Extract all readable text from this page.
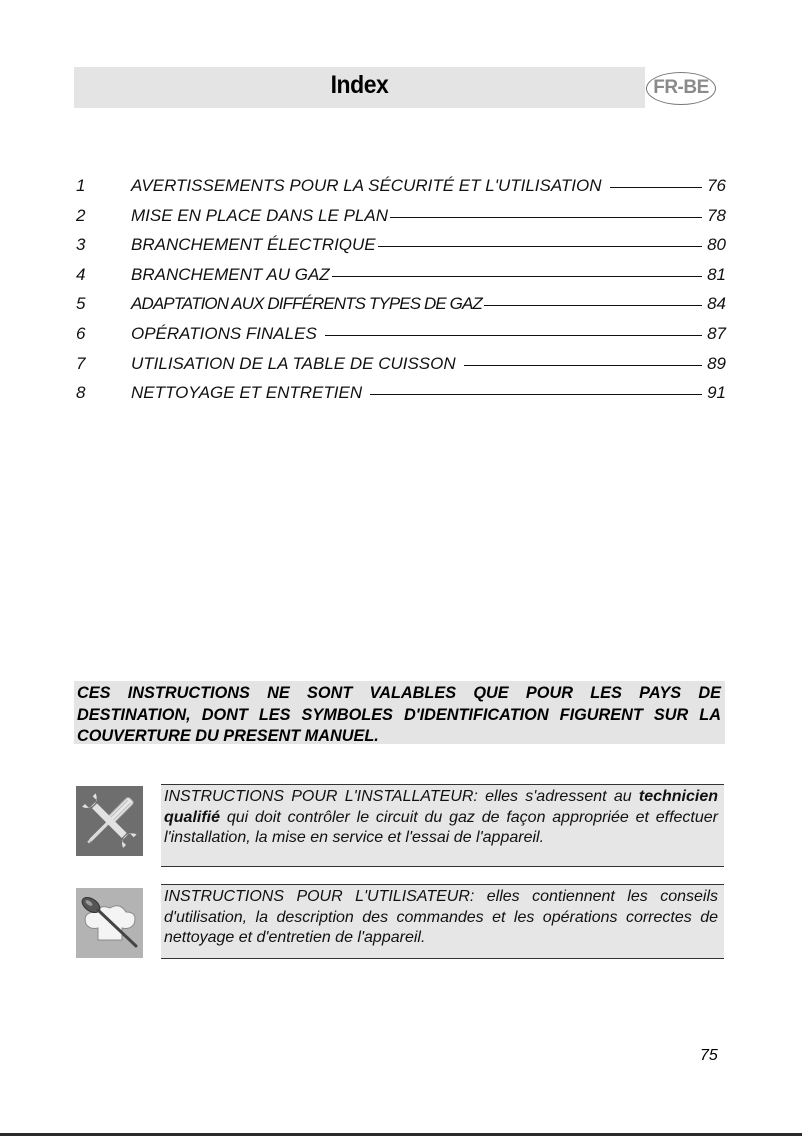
Index	FR-BE
1	AVERTISSEMENTS POUR LA SÉCURITÉ ET L'UTILISATION	76
2	MISE EN PLACE DANS LE PLAN	78
3	BRANCHEMENT ÉLECTRIQUE	80
4	BRANCHEMENT AU GAZ	81
5	ADAPTATION AUX DIFFÉRENTS TYPES DE GAZ	84
6	OPÉRATIONS FINALES	87
7	UTILISATION DE LA TABLE DE CUISSON	89
8	NETTOYAGE ET ENTRETIEN	91
CES INSTRUCTIONS NE SONT VALABLES QUE POUR LES PAYS DE DESTINATION, DONT LES SYMBOLES D'IDENTIFICATION FIGURENT SUR LA COUVERTURE DU PRESENT MANUEL.
INSTRUCTIONS POUR L'INSTALLATEUR: elles s'adressent au technicien qualifié qui doit contrôler le circuit du gaz de façon appropriée et effectuer l'installation, la mise en service et l'essai de l'appareil.
INSTRUCTIONS POUR L'UTILISATEUR: elles contiennent les conseils d'utilisation, la description des commandes et les opérations correctes de nettoyage et d'entretien de l'appareil.
75
